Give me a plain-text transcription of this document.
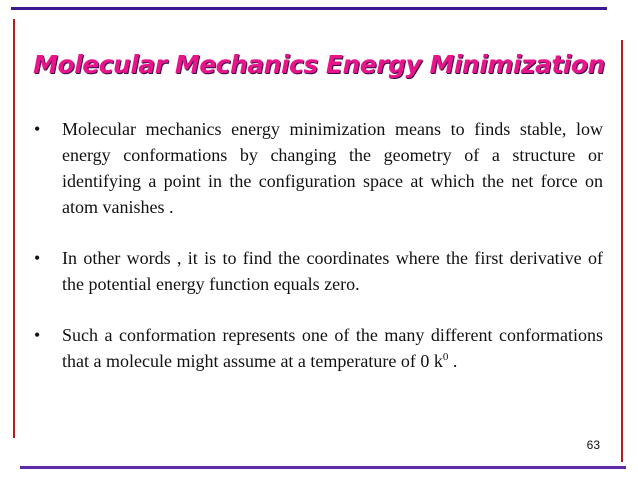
Molecular Mechanics Energy Minimization
• Molecular mechanics energy minimization means to finds stable, low energy conformations by changing the geometry of a structure or identifying a point in the configuration space at which the net force on atom vanishes .
• In other words , it is to find the coordinates where the first derivative of the potential energy function equals zero.
• Such a conformation represents one of the many different conformations that a molecule might assume at a temperature of 0 $k^0$ .
63
